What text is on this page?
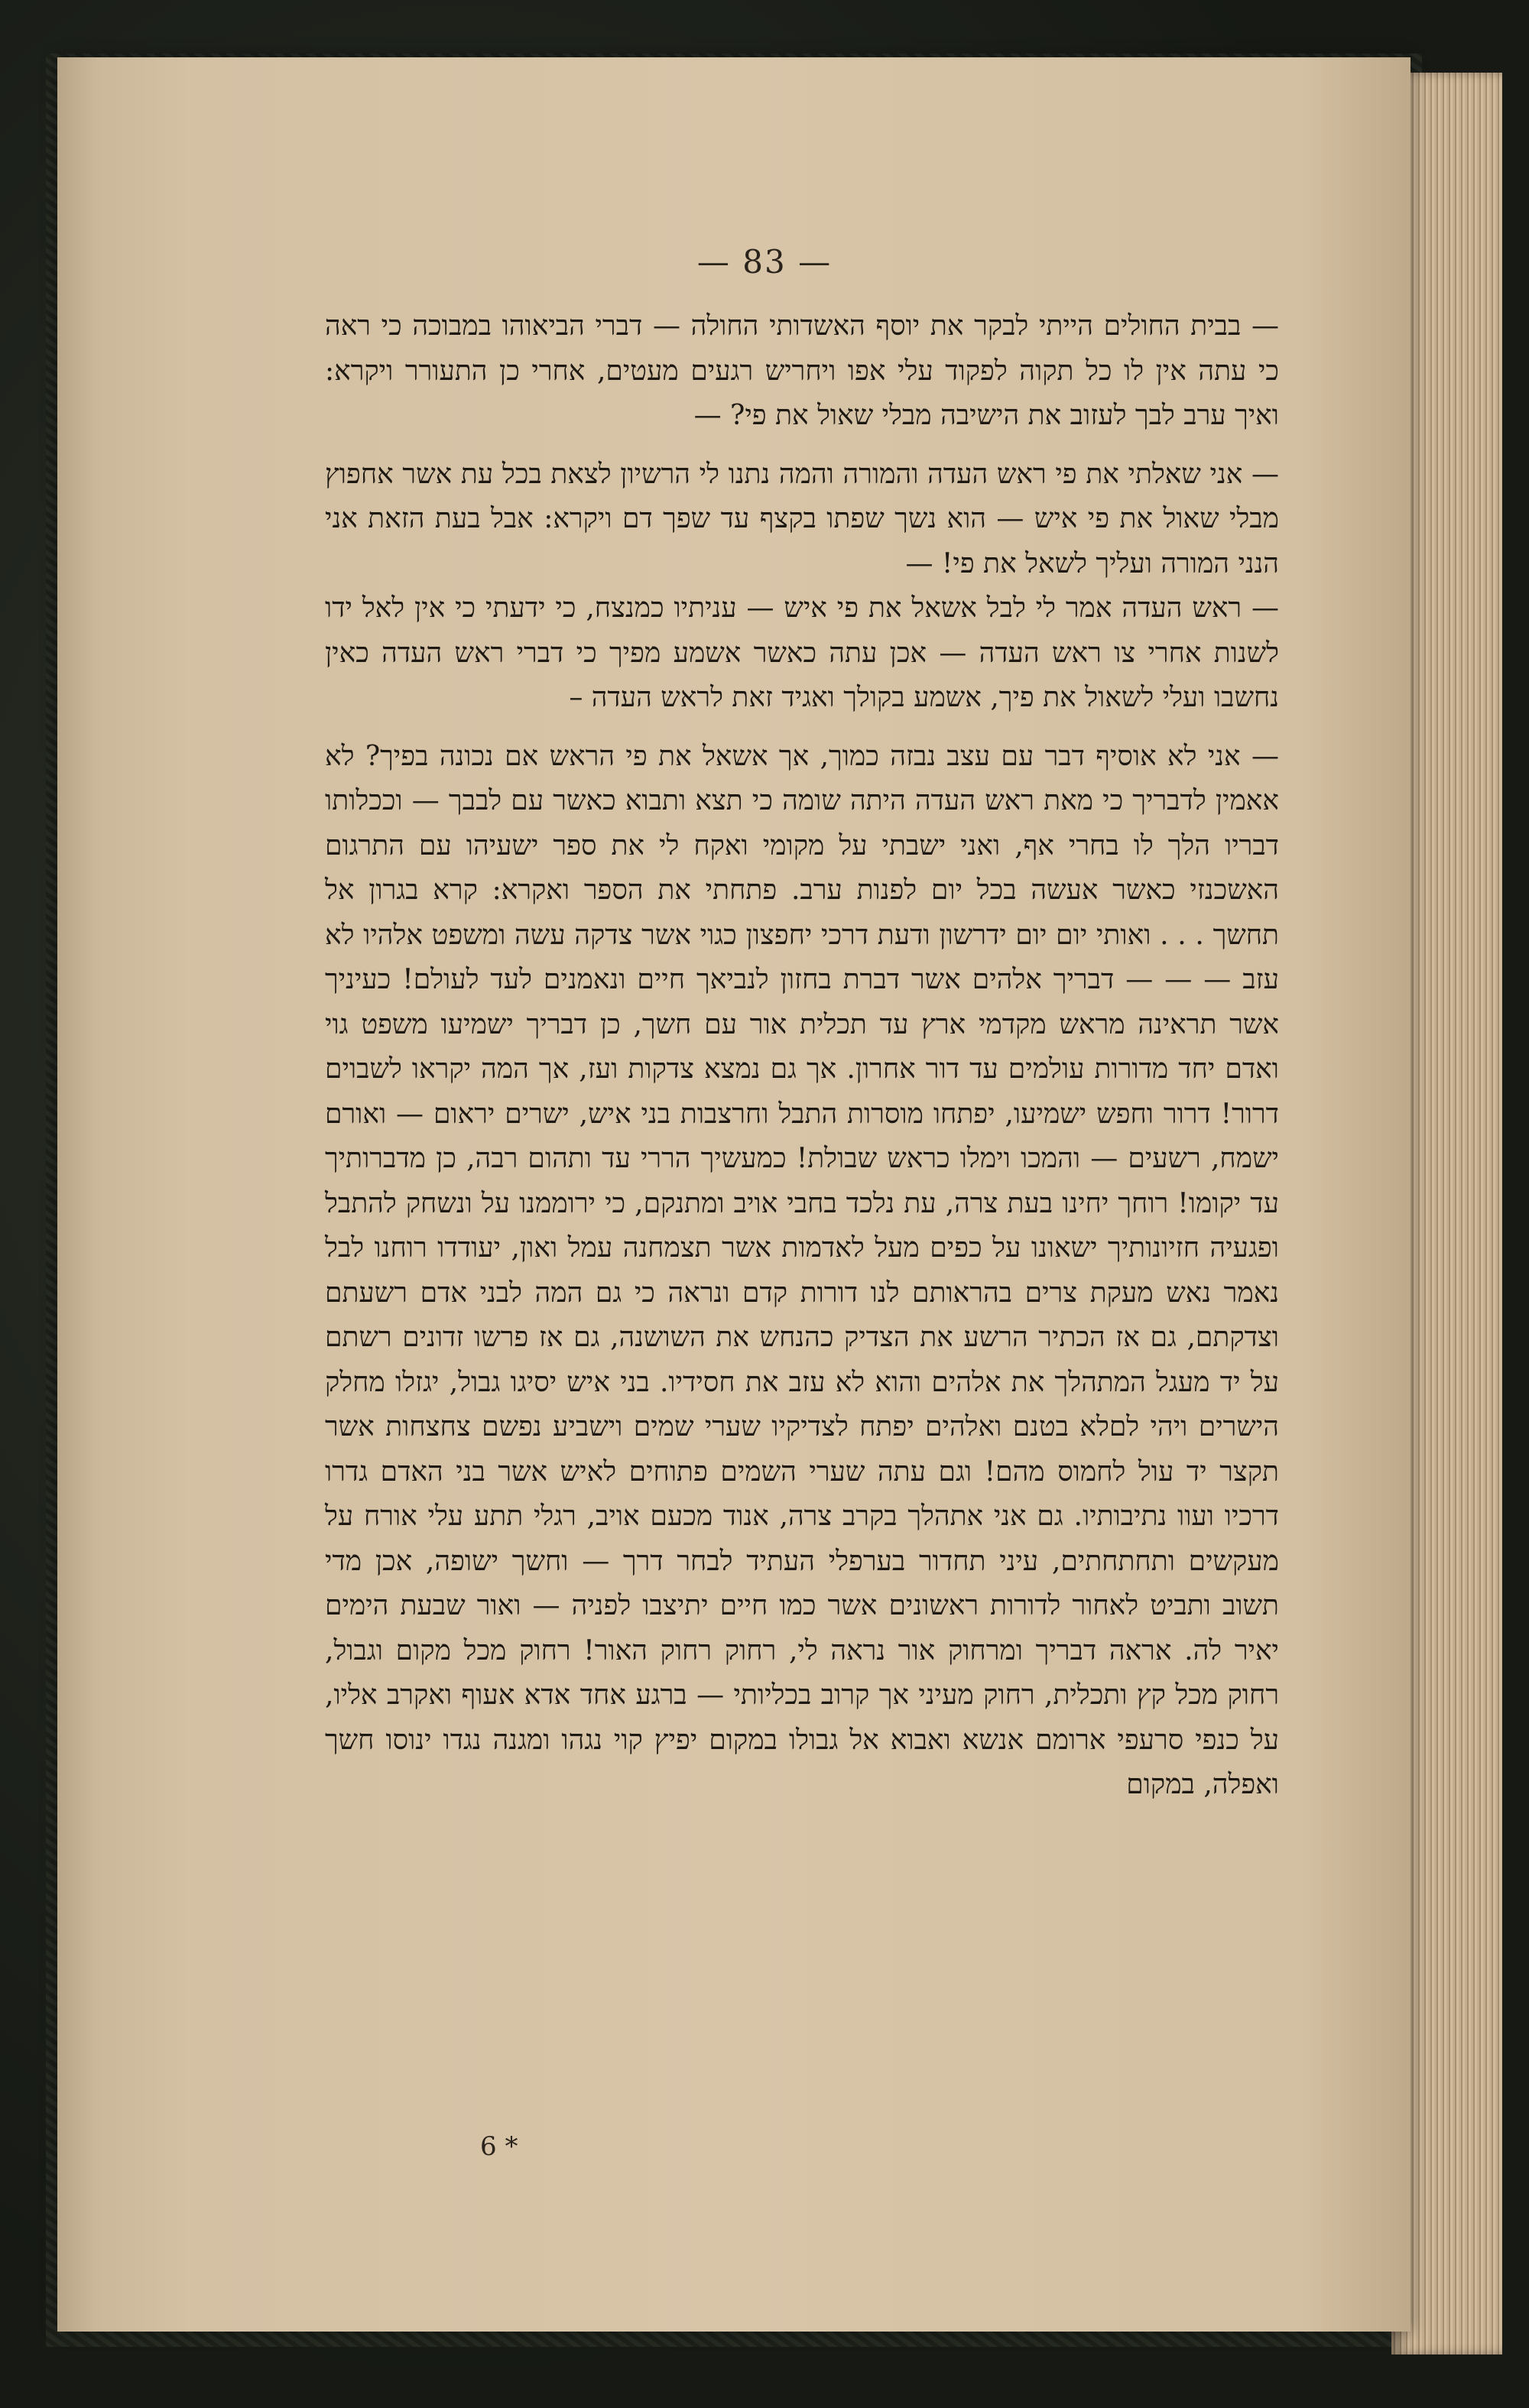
— 83 —

— בבית החולים הייתי לבקר את יוסף האשדותי החולה — דברי הביאוהו במבוכה כי ראה כי עתה אין לו כל תקוה לפקוד עלי אפו ויחריש רגעים מעטים, אחרי כן התעורר ויקרא: ואיך ערב לבך לעזוב את הישיבה מבלי שאול את פי? —

— אני שאלתי את פי ראש העדה והמורה והמה נתנו לי הרשיון לצאת בכל עת אשר אחפוץ מבלי שאול את פי איש — הוא נשך שפתו בקצף עד שפך דם ויקרא: אבל בעת הזאת אני הנני המורה ועליך לשאל את פי! —

— ראש העדה אמר לי לבל אשאל את פי איש — עניתיו כמנצח, כי ידעתי כי אין לאל ידו לשנות אחרי צו ראש העדה — אכן עתה כאשר אשמע מפיך כי דברי ראש העדה כאין נחשבו ועלי לשאול את פיך, אשמע בקולך ואגיד זאת לראש העדה –

— אני לא אוסיף דבר עם עצב נבזה כמוך, אך אשאל את פי הראש אם נכונה בפיך? לא אאמין לדבריך כי מאת ראש העדה היתה שומה כי תצא ותבוא כאשר עם לבבך — וככלותו דבריו הלך לו בחרי אף, ואני ישבתי על מקומי ואקח לי את ספר ישעיהו עם התרגום האשכנזי כאשר אעשה בכל יום לפנות ערב. פתחתי את הספר ואקרא: קרא בגרון אל תחשך . . . ואותי יום יום ידרשון ודעת דרכי יחפצון כגוי אשר צדקה עשה ומשפט אלהיו לא עזב — — — דבריך אלהים אשר דברת בחזון לנביאך חיים ונאמנים לעד לעולם! כעיניך אשר תראינה מראש מקדמי ארץ עד תכלית אור עם חשך, כן דבריך ישמיעו משפט גוי ואדם יחד מדורות עולמים עד דור אחרון. אך גם נמצא צדקות ועז, אך המה יקראו לשבוים דרור! דרור וחפש ישמיעו, יפתחו מוסרות התבל וחרצבות בני איש, ישרים יראום — ואורם ישמח, רשעים — והמכו וימלו כראש שבולת! כמעשיך הררי עד ותהום רבה, כן מדברותיך עד יקומו! רוחך יחינו בעת צרה, עת נלכד בחבי אויב ומתנקם, כי ירוממנו על ונשחק להתבל ופגעיה חזיונותיך ישאונו על כפים מעל לאדמות אשר תצמחנה עמל ואון, יעודדו רוחנו לבל נאמר נאש מעקת צרים בהראותם לנו דורות קדם ונראה כי גם המה לבני אדם רשעתם וצדקתם, גם אז הכתיר הרשע את הצדיק כהנחש את השושנה, גם אז פרשו זדונים רשתם על יד מעגל המתהלך את אלהים והוא לא עזב את חסידיו. בני איש יסיגו גבול, יגזלו מחלק הישרים ויהי לםלא בטנם ואלהים יפתח לצדיקיו שערי שמים וישביע נפשם צחצחות אשר תקצר יד עול לחמוס מהם! וגם עתה שערי השמים פתוחים לאיש אשר בני האדם גדרו דרכיו ועוו נתיבותיו. גם אני אתהלך בקרב צרה, אנוד מכעם אויב, רגלי תתע עלי אורח על מעקשים ותחתחתים, עיני תחדור בערפלי העתיד לבחר דרך — וחשך ישופה, אכן מדי תשוב ותביט לאחור לדורות ראשונים אשר כמו חיים יתיצבו לפניה — ואור שבעת הימים יאיר לה. אראה דבריך ומרחוק אור נראה לי, רחוק רחוק האור! רחוק מכל מקום וגבול, רחוק מכל קץ ותכלית, רחוק מעיני אך קרוב בכליותי — ברגע אחד אדא אעוף ואקרב אליו, על כנפי סרעפי ארומם אנשא ואבוא אל גבולו במקום יפיץ קוי נגהו ומגנה נגדו ינוסו חשך ואפלה, במקום

6 *
